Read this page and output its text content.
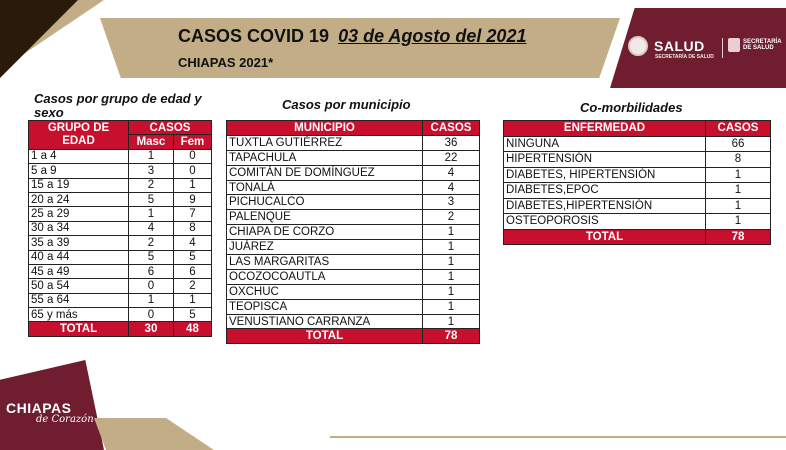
CASOS COVID 19 03 de Agosto del 2021
CHIAPAS 2021*
SALUD
SECRETARÍA DE SALUD
SECRETARÍA
DE SALUD
Casos por grupo de edad y sexo
Casos por municipio	Co-morbilidades
GRUPO DE EDAD	CASOS	
	Masc	Fem
1 a 4	1	0
5 a 9	3	0
15 a 19	2	1
20 a 24	5	9
25 a 29	1	7
30 a 34	4	8
35 a 39	2	4
40 a 44	5	5
45 a 49	6	6
50 a 54	0	2
55 a 64	1	1
65 y más	0	5
TOTAL	30	48
MUNICIPIO	CASOS
TUXTLA GUTIÉRREZ	36
TAPACHULA	22
COMITÁN DE DOMÍNGUEZ	4
TONALÁ	4
PICHUCALCO	3
PALENQUE	2
CHIAPA DE CORZO	1
JUÁREZ	1
LAS MARGARITAS	1
OCOZOCOAUTLA	1
OXCHUC	1
TEOPISCA	1
VENUSTIANO CARRANZA	1
TOTAL	78
ENFERMEDAD	CASOS
NINGUNA	66
HIPERTENSIÓN	8
DIABETES, HIPERTENSIÓN	1
DIABETES,EPOC	1
DIABETES,HIPERTENSIÓN	1
OSTEOPOROSIS	1
TOTAL	78
CHIAPAS
de Corazón
